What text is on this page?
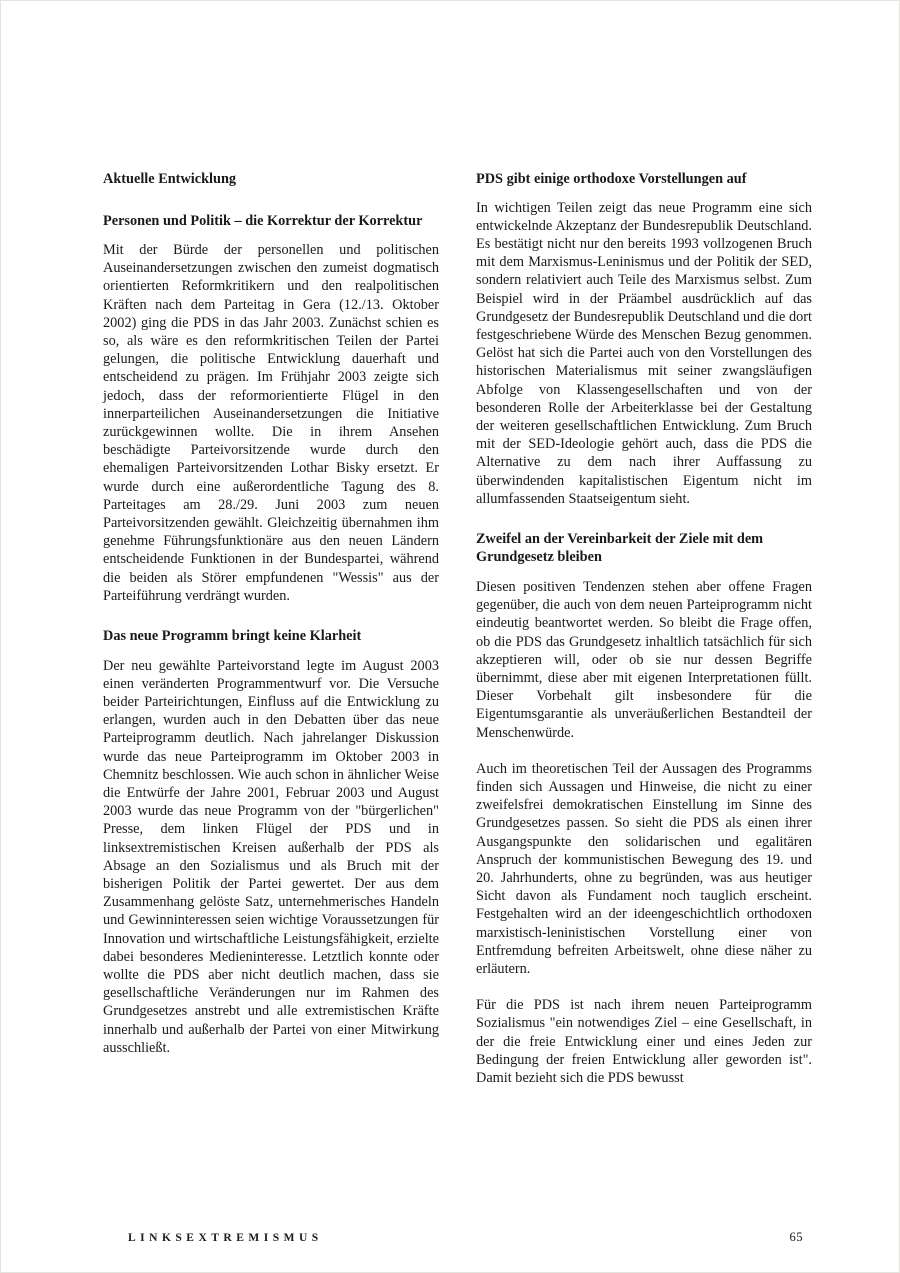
Aktuelle Entwicklung
Personen und Politik – die Korrektur der Korrektur

Mit der Bürde der personellen und politischen Auseinandersetzungen zwischen den zumeist dogmatisch orientierten Reformkritikern und den realpolitischen Kräften nach dem Parteitag in Gera (12./13. Oktober 2002) ging die PDS in das Jahr 2003. Zunächst schien es so, als wäre es den reformkritischen Teilen der Partei gelungen, die politische Entwicklung dauerhaft und entscheidend zu prägen. Im Frühjahr 2003 zeigte sich jedoch, dass der reformorientierte Flügel in den innerparteilichen Auseinandersetzungen die Initiative zurückgewinnen wollte. Die in ihrem Ansehen beschädigte Parteivorsitzende wurde durch den ehemaligen Parteivorsitzenden Lothar Bisky ersetzt. Er wurde durch eine außerordentliche Tagung des 8. Parteitages am 28./29. Juni 2003 zum neuen Parteivorsitzenden gewählt. Gleichzeitig übernahmen ihm genehme Führungsfunktionäre aus den neuen Ländern entscheidende Funktionen in der Bundespartei, während die beiden als Störer empfundenen "Wessis" aus der Parteiführung verdrängt wurden.

Das neue Programm bringt keine Klarheit

Der neu gewählte Parteivorstand legte im August 2003 einen veränderten Programmentwurf vor. Die Versuche beider Parteirichtungen, Einfluss auf die Entwicklung zu erlangen, wurden auch in den Debatten über das neue Parteiprogramm deutlich. Nach jahrelanger Diskussion wurde das neue Parteiprogramm im Oktober 2003 in Chemnitz beschlossen. Wie auch schon in ähnlicher Weise die Entwürfe der Jahre 2001, Februar 2003 und August 2003 wurde das neue Programm von der "bürgerlichen" Presse, dem linken Flügel der PDS und in linksextremistischen Kreisen außerhalb der PDS als Absage an den Sozialismus und als Bruch mit der bisherigen Politik der Partei gewertet. Der aus dem Zusammenhang gelöste Satz, unternehmerisches Handeln und Gewinninteressen seien wichtige Voraussetzungen für Innovation und wirtschaftliche Leistungsfähigkeit, erzielte dabei besonderes Medieninteresse. Letztlich konnte oder wollte die PDS aber nicht deutlich machen, dass sie gesellschaftliche Veränderungen nur im Rahmen des Grundgesetzes anstrebt und alle extremistischen Kräfte innerhalb und außerhalb der Partei von einer Mitwirkung ausschließt.

PDS gibt einige orthodoxe Vorstellungen auf

In wichtigen Teilen zeigt das neue Programm eine sich entwickelnde Akzeptanz der Bundesrepublik Deutschland. Es bestätigt nicht nur den bereits 1993 vollzogenen Bruch mit dem Marxismus-Leninismus und der Politik der SED, sondern relativiert auch Teile des Marxismus selbst. Zum Beispiel wird in der Präambel ausdrücklich auf das Grundgesetz der Bundesrepublik Deutschland und die dort festgeschriebene Würde des Menschen Bezug genommen. Gelöst hat sich die Partei auch von den Vorstellungen des historischen Materialismus mit seiner zwangsläufigen Abfolge von Klassengesellschaften und von der besonderen Rolle der Arbeiterklasse bei der Gestaltung der weiteren gesellschaftlichen Entwicklung. Zum Bruch mit der SED-Ideologie gehört auch, dass die PDS die Alternative zu dem nach ihrer Auffassung zu überwindenden kapitalistischen Eigentum nicht im allumfassenden Staatseigentum sieht.

Zweifel an der Vereinbarkeit der Ziele mit dem Grundgesetz bleiben

Diesen positiven Tendenzen stehen aber offene Fragen gegenüber, die auch von dem neuen Parteiprogramm nicht eindeutig beantwortet werden. So bleibt die Frage offen, ob die PDS das Grundgesetz inhaltlich tatsächlich für sich akzeptieren will, oder ob sie nur dessen Begriffe übernimmt, diese aber mit eigenen Interpretationen füllt. Dieser Vorbehalt gilt insbesondere für die Eigentumsgarantie als unveräußerlichen Bestandteil der Menschenwürde.

Auch im theoretischen Teil der Aussagen des Programms finden sich Aussagen und Hinweise, die nicht zu einer zweifelsfrei demokratischen Einstellung im Sinne des Grundgesetzes passen. So sieht die PDS als einen ihrer Ausgangspunkte den solidarischen und egalitären Anspruch der kommunistischen Bewegung des 19. und 20. Jahrhunderts, ohne zu begründen, was aus heutiger Sicht davon als Fundament noch tauglich erscheint. Festgehalten wird an der ideengeschichtlich orthodoxen marxistisch-leninistischen Vorstellung einer von Entfremdung befreiten Arbeitswelt, ohne diese näher zu erläutern.

Für die PDS ist nach ihrem neuen Parteiprogramm Sozialismus "ein notwendiges Ziel – eine Gesellschaft, in der die freie Entwicklung einer und eines Jeden zur Bedingung der freien Entwicklung aller geworden ist". Damit bezieht sich die PDS bewusst

LINKSEXTREMISMUS	65
